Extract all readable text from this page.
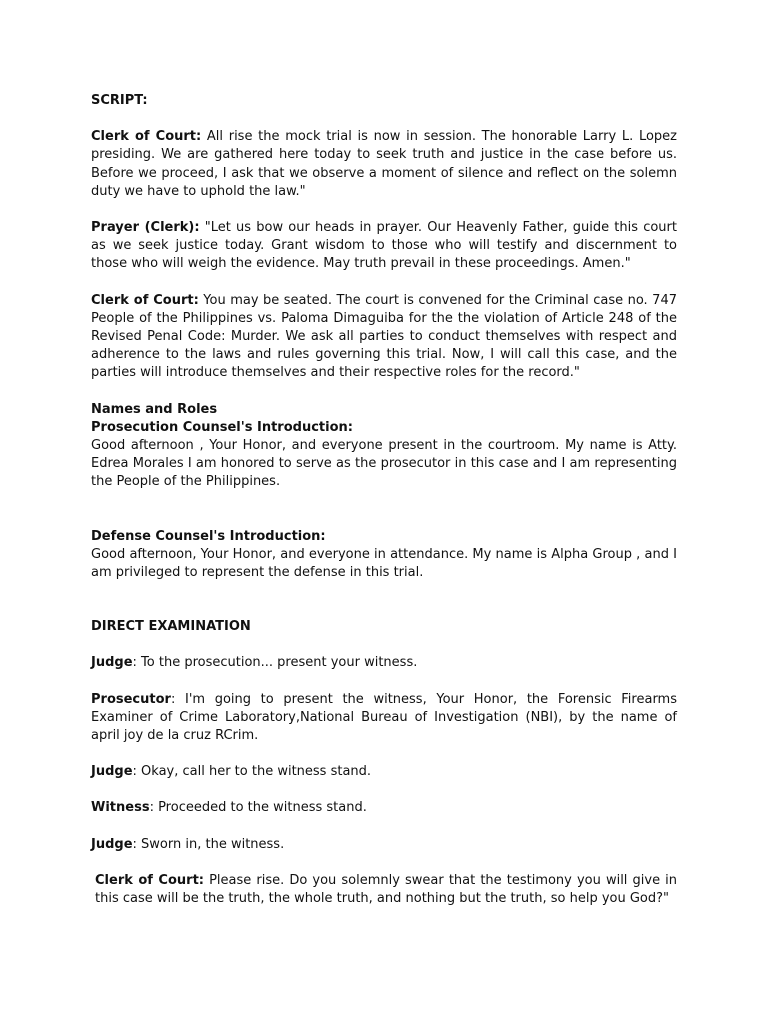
SCRIPT:

Clerk of Court: All rise the mock trial is now in session. The honorable Larry L. Lopez presiding. We are gathered here today to seek truth and justice in the case before us. Before we proceed, I ask that we observe a moment of silence and reflect on the solemn duty we have to uphold the law."

Prayer (Clerk): "Let us bow our heads in prayer. Our Heavenly Father, guide this court as we seek justice today. Grant wisdom to those who will testify and discernment to those who will weigh the evidence. May truth prevail in these proceedings. Amen."

Clerk of Court: You may be seated. The court is convened for the Criminal case no. 747 People of the Philippines vs. Paloma Dimaguiba for the the violation of Article 248 of the Revised Penal Code: Murder. We ask all parties to conduct themselves with respect and adherence to the laws and rules governing this trial. Now, I will call this case, and the parties will introduce themselves and their respective roles for the record."

Names and Roles

Prosecution Counsel's Introduction:

Good afternoon , Your Honor, and everyone present in the courtroom. My name is Atty. Edrea Morales I am honored to serve as the prosecutor in this case and I am representing the People of the Philippines.

Defense Counsel's Introduction:

Good afternoon, Your Honor, and everyone in attendance. My name is Alpha Group , and I am privileged to represent the defense in this trial.

DIRECT EXAMINATION

Judge: To the prosecution... present your witness.

Prosecutor: I'm going to present the witness, Your Honor, the Forensic Firearms Examiner of Crime Laboratory,National Bureau of Investigation (NBI), by the name of april joy de la cruz RCrim.

Judge: Okay, call her to the witness stand.

Witness: Proceeded to the witness stand.

Judge: Sworn in, the witness.

Clerk of Court: Please rise. Do you solemnly swear that the testimony you will give in this case will be the truth, the whole truth, and nothing but the truth, so help you God?"
